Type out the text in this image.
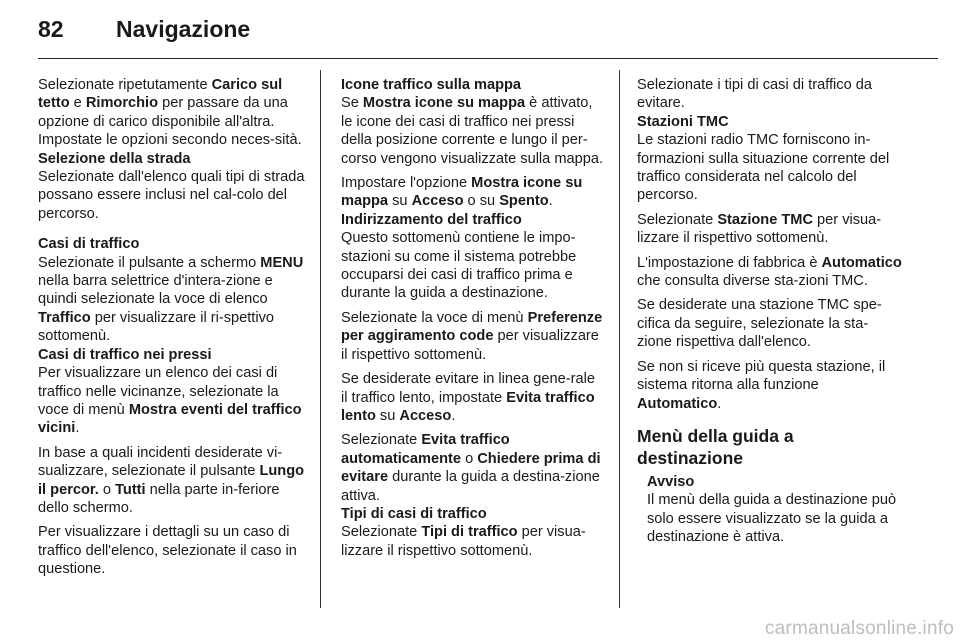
82 Navigazione

Selezionate ripetutamente Carico sul tetto e Rimorchio per passare da una opzione di carico disponibile all'altra. Impostate le opzioni secondo neces-sità.

Selezione della strada
Selezionate dall'elenco quali tipi di strada possano essere inclusi nel cal-colo del percorso.

Casi di traffico
Selezionate il pulsante a schermo MENU nella barra selettrice d'intera-zione e quindi selezionate la voce di elenco Traffico per visualizzare il ri-spettivo sottomenù.

Casi di traffico nei pressi
Per visualizzare un elenco dei casi di traffico nelle vicinanze, selezionate la voce di menù Mostra eventi del traffico vicini.

In base a quali incidenti desiderate vi-sualizzare, selezionate il pulsante Lungo il percor. o Tutti nella parte in-feriore dello schermo.

Per visualizzare i dettagli su un caso di traffico dell'elenco, selezionate il caso in questione.

Icone traffico sulla mappa
Se Mostra icone su mappa è attivato, le icone dei casi di traffico nei pressi della posizione corrente e lungo il per-corso vengono visualizzate sulla mappa.

Impostare l'opzione Mostra icone su mappa su Acceso o su Spento.

Indirizzamento del traffico
Questo sottomenù contiene le impo-stazioni su come il sistema potrebbe occuparsi dei casi di traffico prima e durante la guida a destinazione.

Selezionate la voce di menù Preferenze per aggiramento code per visualizzare il rispettivo sottomenù.

Se desiderate evitare in linea gene-rale il traffico lento, impostate Evita traffico lento su Acceso.

Selezionate Evita traffico automaticamente o Chiedere prima di evitare durante la guida a destina-zione attiva.

Tipi di casi di traffico
Selezionate Tipi di traffico per visua-lizzare il rispettivo sottomenù.

Selezionate i tipi di casi di traffico da evitare.

Stazioni TMC
Le stazioni radio TMC forniscono in-formazioni sulla situazione corrente del traffico considerata nel calcolo del percorso.

Selezionate Stazione TMC per visua-lizzare il rispettivo sottomenù.

L'impostazione di fabbrica è Automatico che consulta diverse sta-zioni TMC.

Se desiderate una stazione TMC spe-cifica da seguire, selezionate la sta-zione rispettiva dall'elenco.

Se non si riceve più questa stazione, il sistema ritorna alla funzione Automatico.

Menù della guida a destinazione

Avviso
Il menù della guida a destinazione può solo essere visualizzato se la guida a destinazione è attiva.

carmanualsonline.info
